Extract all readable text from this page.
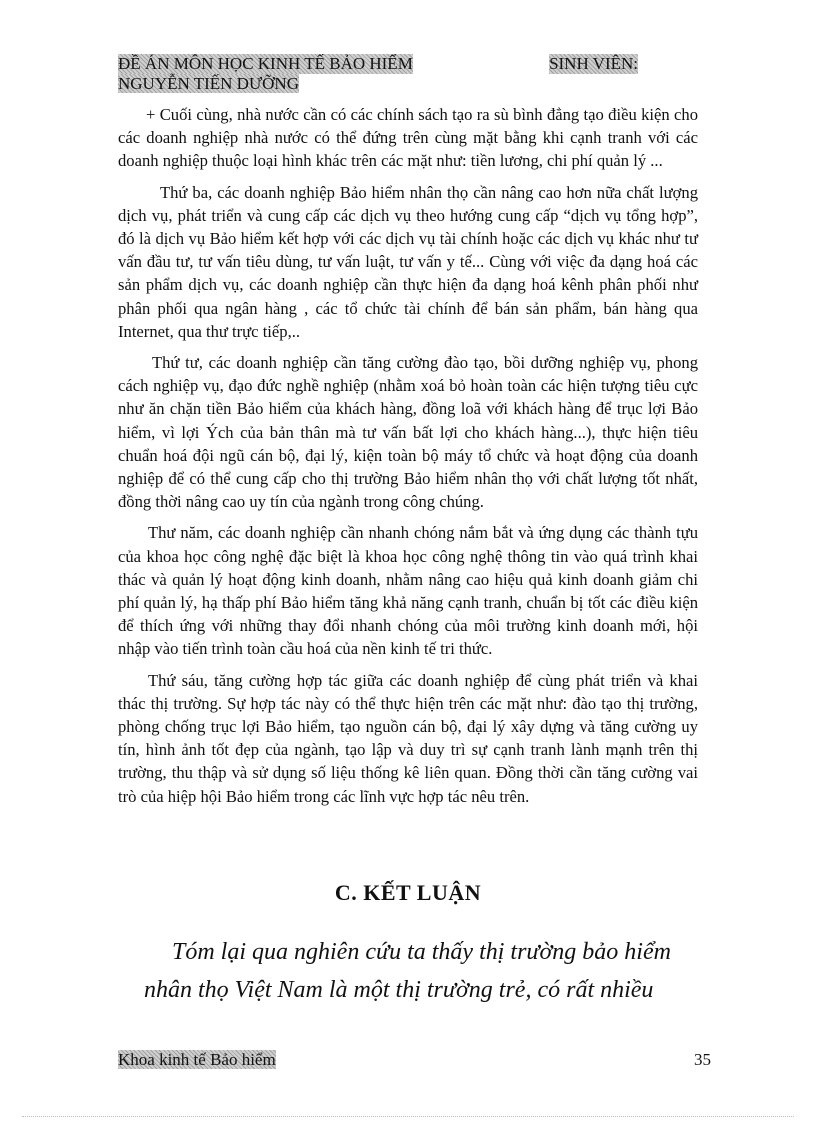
ĐỀ ÁN MÔN HỌC KINH TẾ BẢO HIỂM	SINH VIÊN:
NGUYỄN TIẾN DƯỠNG

+ Cuối cùng, nhà nước cần có các chính sách tạo ra sù bình đẳng tạo điều kiện cho các doanh nghiệp nhà nước có thể đứng trên cùng mặt bằng khi cạnh tranh với các doanh nghiệp thuộc loại hình khác trên các mặt như: tiền lương, chi phí quản lý ...

Thứ ba, các doanh nghiệp Bảo hiểm nhân thọ cần nâng cao hơn nữa chất lượng dịch vụ, phát triển và cung cấp các dịch vụ theo hướng cung cấp “dịch vụ tổng hợp”, đó là dịch vụ Bảo hiểm kết hợp với các dịch vụ tài chính hoặc các dịch vụ khác như tư vấn đầu tư, tư vấn tiêu dùng, tư vấn luật, tư vấn y tế... Cùng với việc đa dạng hoá các sản phẩm dịch vụ, các doanh nghiệp cần thực hiện đa dạng hoá kênh phân phối như phân phối qua ngân hàng , các tổ chức tài chính để bán sản phẩm, bán hàng qua Internet, qua thư trực tiếp,..

Thứ tư, các doanh nghiệp cần tăng cường đào tạo, bồi dưỡng nghiệp vụ, phong cách nghiệp vụ, đạo đức nghề nghiệp (nhằm xoá bỏ hoàn toàn các hiện tượng tiêu cực như ăn chặn tiền Bảo hiểm của khách hàng, đồng loã với khách hàng để trục lợi Bảo hiểm, vì lợi Ých của bản thân mà tư vấn bất lợi cho khách hàng...), thực hiện tiêu chuẩn hoá đội ngũ cán bộ, đại lý, kiện toàn bộ máy tổ chức và hoạt động của doanh nghiệp để có thể cung cấp cho thị trường Bảo hiểm nhân thọ với chất lượng tốt nhất, đồng thời nâng cao uy tín của ngành trong công chúng.

Thư năm, các doanh nghiệp cần nhanh chóng nắm bắt và ứng dụng các thành tựu của khoa học công nghệ đặc biệt là khoa học công nghệ thông tin vào quá trình khai thác và quản lý hoạt động kinh doanh, nhằm nâng cao hiệu quả kinh doanh giảm chi phí quản lý, hạ thấp phí Bảo hiểm tăng khả năng cạnh tranh, chuẩn bị tốt các điều kiện để thích ứng với những thay đổi nhanh chóng của môi trường kinh doanh mới, hội nhập vào tiến trình toàn cầu hoá của nền kinh tế tri thức.

Thứ sáu, tăng cường hợp tác giữa các doanh nghiệp để cùng phát triển và khai thác thị trường. Sự hợp tác này có thể thực hiện trên các mặt như: đào tạo thị trường, phòng chống trục lợi Bảo hiểm, tạo nguồn cán bộ, đại lý xây dựng và tăng cường uy tín, hình ảnh tốt đẹp của ngành, tạo lập và duy trì sự cạnh tranh lành mạnh trên thị trường, thu thập và sử dụng số liệu thống kê liên quan. Đồng thời cần tăng cường vai trò của hiệp hội Bảo hiểm trong các lĩnh vực hợp tác nêu trên.

C. KẾT LUẬN
Tóm lại qua nghiên cứu ta thấy thị trường bảo hiểm
nhân thọ Việt Nam là một thị trường trẻ, có rất nhiều
Khoa kinh tế Bảo hiểm	35
